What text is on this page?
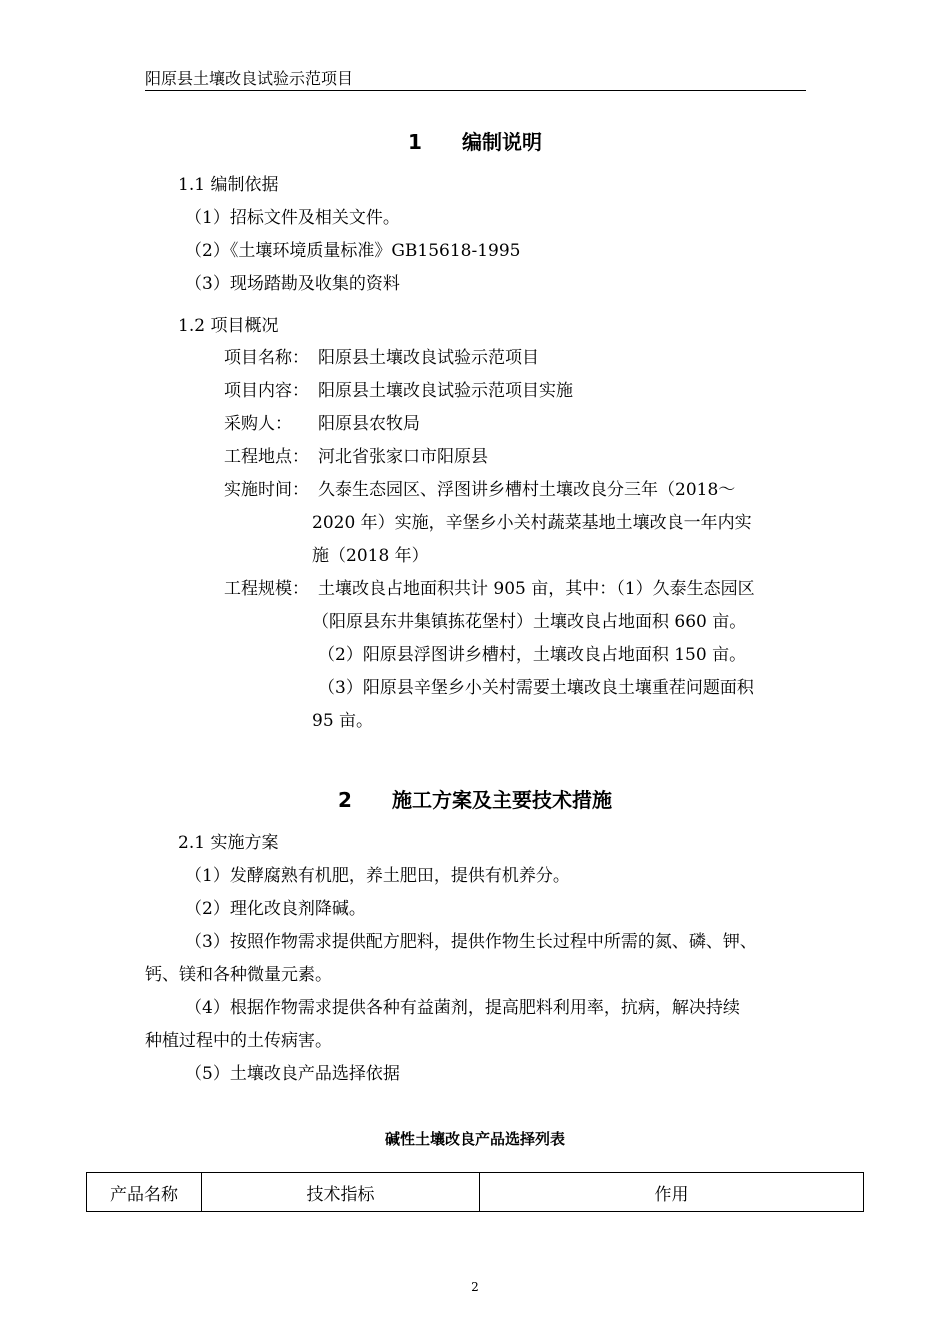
阳原县土壤改良试验示范项目
1 编制说明
1.1 编制依据
（1）招标文件及相关文件。
（2）《土壤环境质量标准》GB15618-1995
（3）现场踏勘及收集的资料
1.2 项目概况
项目名称： 阳原县土壤改良试验示范项目
项目内容： 阳原县土壤改良试验示范项目实施
采购人： 阳原县农牧局
工程地点： 河北省张家口市阳原县
实施时间： 久泰生态园区、浮图讲乡槽村土壤改良分三年（2018～
2020 年）实施，辛堡乡小关村蔬菜基地土壤改良一年内实
施（2018 年）
工程规模： 土壤改良占地面积共计 905 亩，其中：（1）久泰生态园区
（阳原县东井集镇拣花堡村）土壤改良占地面积 660 亩。
（2）阳原县浮图讲乡槽村，土壤改良占地面积 150 亩。
（3）阳原县辛堡乡小关村需要土壤改良土壤重茬问题面积
95 亩。
2 施工方案及主要技术措施
2.1 实施方案
（1）发酵腐熟有机肥，养土肥田，提供有机养分。
（2）理化改良剂降碱。
（3）按照作物需求提供配方肥料，提供作物生长过程中所需的氮、磷、钾、
钙、镁和各种微量元素。
（4）根据作物需求提供各种有益菌剂，提高肥料利用率，抗病，解决持续
种植过程中的土传病害。
（5）土壤改良产品选择依据
碱性土壤改良产品选择列表
产品名称	技术指标	作用
2
